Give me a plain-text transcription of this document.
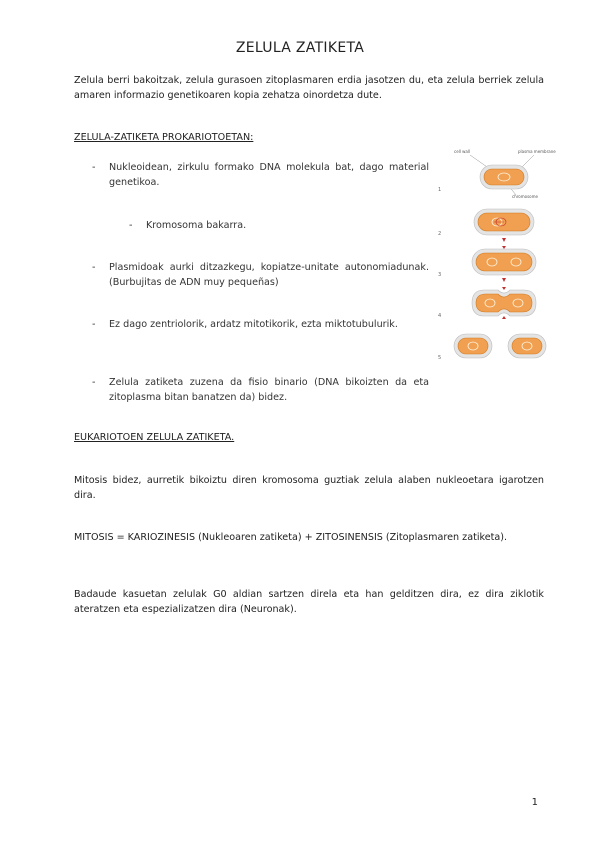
ZELULA ZATIKETA
Zelula berri bakoitzak, zelula gurasoen zitoplasmaren erdia jasotzen du, eta zelula berriek zelula amaren informazio genetikoaren kopia zehatza oinordetza dute.
ZELULA-ZATIKETA PROKARIOTOETAN:
- Nukleoidean, zirkulu formako DNA molekula bat, dago material genetikoa.
- Kromosoma bakarra.
- Plasmidoak aurki ditzazkegu, kopiatze-unitate autonomiadunak.(Burbujitas de ADN muy pequeñas)
- Ez dago zentriolorik, ardatz mitotikorik, ezta miktotubulurik.
- Zelula zatiketa zuzena da fisio binario (DNA bikoizten da eta zitoplasma bitan banatzen da) bidez.
cell wall	plasma membrane
chromosome
1
2
3
4
5
EUKARIOTOEN ZELULA ZATIKETA.
Mitosis bidez, aurretik bikoiztu diren kromosoma guztiak zelula alaben nukleoetara igarotzen dira.
MITOSIS = KARIOZINESIS (Nukleoaren zatiketa) + ZITOSINENSIS (Zitoplasmaren zatiketa).
Badaude kasuetan zelulak G0 aldian sartzen direla eta han gelditzen dira, ez dira ziklotik ateratzen eta espezializatzen dira (Neuronak).
1
